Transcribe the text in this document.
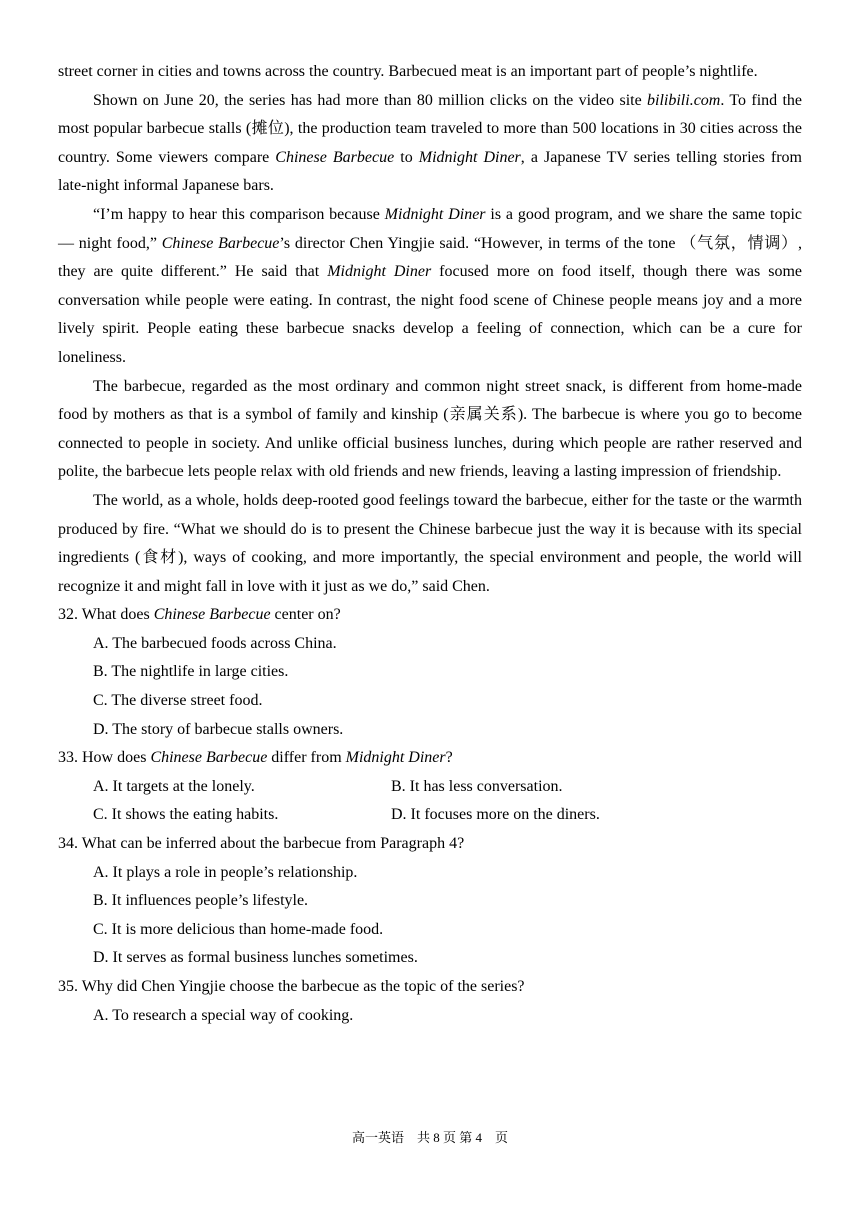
street corner in cities and towns across the country. Barbecued meat is an important part of people’s nightlife.

Shown on June 20, the series has had more than 80 million clicks on the video site bilibili.com. To find the most popular barbecue stalls (摊位), the production team traveled to more than 500 locations in 30 cities across the country. Some viewers compare Chinese Barbecue to Midnight Diner, a Japanese TV series telling stories from late-night informal Japanese bars.

“I’m happy to hear this comparison because Midnight Diner is a good program, and we share the same topic — night food,” Chinese Barbecue’s director Chen Yingjie said. “However, in terms of the tone （气氛，情调）, they are quite different.” He said that Midnight Diner focused more on food itself, though there was some conversation while people were eating. In contrast, the night food scene of Chinese people means joy and a more lively spirit. People eating these barbecue snacks develop a feeling of connection, which can be a cure for loneliness.

The barbecue, regarded as the most ordinary and common night street snack, is different from home-made food by mothers as that is a symbol of family and kinship (亲属关系). The barbecue is where you go to become connected to people in society. And unlike official business lunches, during which people are rather reserved and polite, the barbecue lets people relax with old friends and new friends, leaving a lasting impression of friendship.

The world, as a whole, holds deep-rooted good feelings toward the barbecue, either for the taste or the warmth produced by fire. “What we should do is to present the Chinese barbecue just the way it is because with its special ingredients (食材), ways of cooking, and more importantly, the special environment and people, the world will recognize it and might fall in love with it just as we do,” said Chen.

32. What does Chinese Barbecue center on?

A. The barbecued foods across China.

B. The nightlife in large cities.

C. The diverse street food.

D. The story of barbecue stalls owners.

33. How does Chinese Barbecue differ from Midnight Diner?

A. It targets at the lonely.	B. It has less conversation.
C. It shows the eating habits.	D. It focuses more on the diners.

34. What can be inferred about the barbecue from Paragraph 4?

A. It plays a role in people’s relationship.

B. It influences people’s lifestyle.

C. It is more delicious than home-made food.

D. It serves as formal business lunches sometimes.

35. Why did Chen Yingjie choose the barbecue as the topic of the series?

A. To research a special way of cooking.

高一英语　共 8 页 第 4　页
